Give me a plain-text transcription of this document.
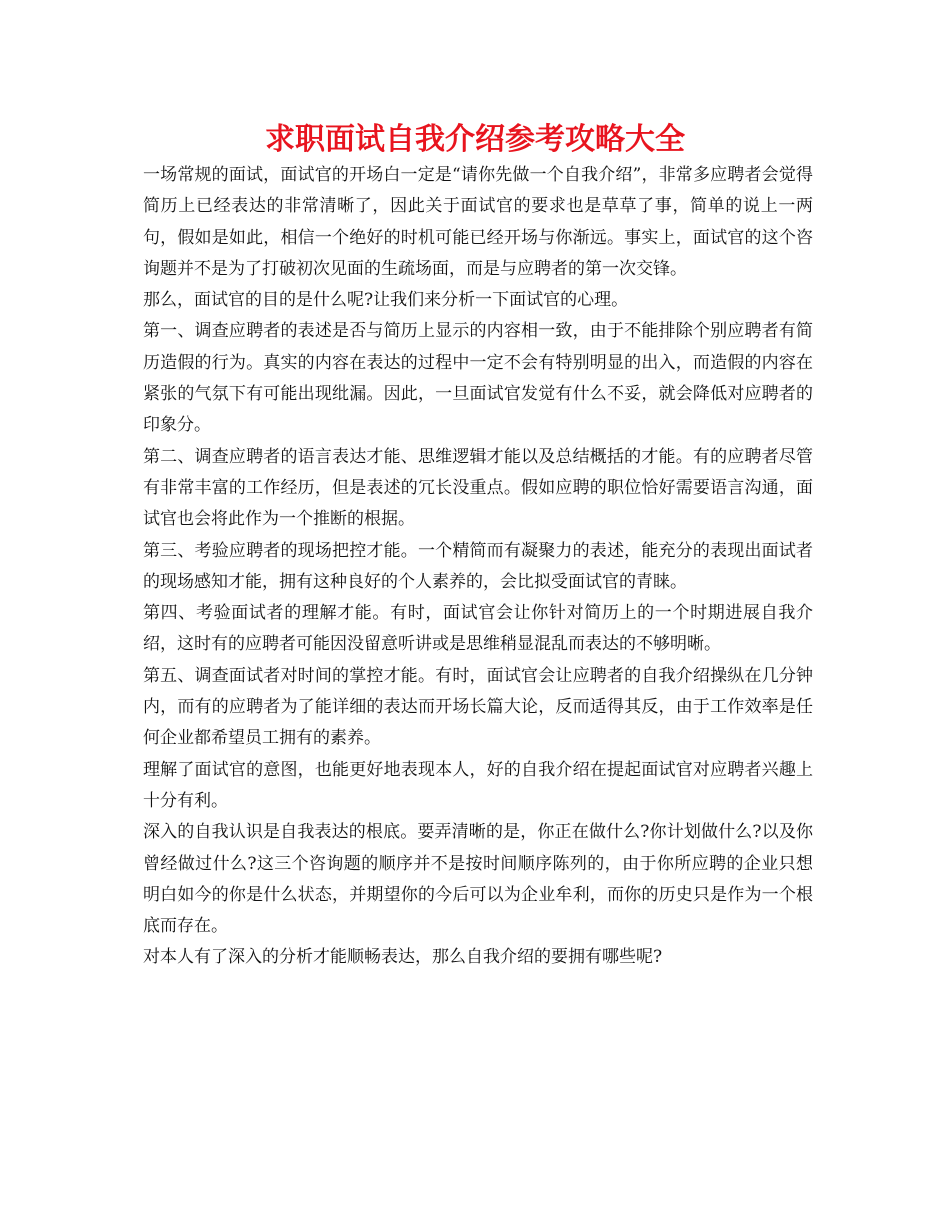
求职面试自我介绍参考攻略大全

一场常规的面试，面试官的开场白一定是“请你先做一个自我介绍”，非常多应聘者会觉得简历上已经表达的非常清晰了，因此关于面试官的要求也是草草了事，简单的说上一两句，假如是如此，相信一个绝好的时机可能已经开场与你渐远。事实上，面试官的这个咨询题并不是为了打破初次见面的生疏场面，而是与应聘者的第一次交锋。

那么，面试官的目的是什么呢?让我们来分析一下面试官的心理。

第一、调查应聘者的表述是否与简历上显示的内容相一致，由于不能排除个别应聘者有简历造假的行为。真实的内容在表达的过程中一定不会有特别明显的出入，而造假的内容在紧张的气氛下有可能出现纰漏。因此，一旦面试官发觉有什么不妥，就会降低对应聘者的印象分。

第二、调查应聘者的语言表达才能、思维逻辑才能以及总结概括的才能。有的应聘者尽管有非常丰富的工作经历，但是表述的冗长没重点。假如应聘的职位恰好需要语言沟通，面试官也会将此作为一个推断的根据。

第三、考验应聘者的现场把控才能。一个精简而有凝聚力的表述，能充分的表现出面试者的现场感知才能，拥有这种良好的个人素养的，会比拟受面试官的青睐。

第四、考验面试者的理解才能。有时，面试官会让你针对简历上的一个时期进展自我介绍，这时有的应聘者可能因没留意听讲或是思维稍显混乱而表达的不够明晰。

第五、调查面试者对时间的掌控才能。有时，面试官会让应聘者的自我介绍操纵在几分钟内，而有的应聘者为了能详细的表达而开场长篇大论，反而适得其反，由于工作效率是任何企业都希望员工拥有的素养。

理解了面试官的意图，也能更好地表现本人，好的自我介绍在提起面试官对应聘者兴趣上十分有利。

深入的自我认识是自我表达的根底。要弄清晰的是，你正在做什么?你计划做什么?以及你曾经做过什么?这三个咨询题的顺序并不是按时间顺序陈列的，由于你所应聘的企业只想明白如今的你是什么状态，并期望你的今后可以为企业牟利，而你的历史只是作为一个根底而存在。

对本人有了深入的分析才能顺畅表达，那么自我介绍的要拥有哪些呢?
